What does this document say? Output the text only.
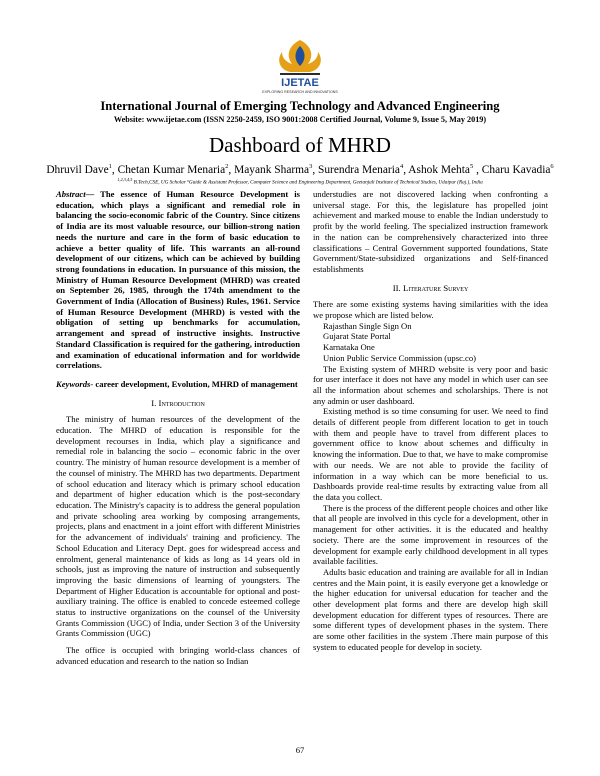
IJETAE
EXPLORING RESEARCH AND INNOVATIONS
International Journal of Emerging Technology and Advanced Engineering
Website: www.ijetae.com (ISSN 2250-2459, ISO 9001:2008 Certified Journal, Volume 9, Issue 5, May 2019)
Dashboard of MHRD
Dhruvil Dave$^1$, Chetan Kumar Menaria$^2$, Mayank Sharma$^3$, Surendra Menaria$^4$, Ashok Mehta$^5$ , Charu Kavadia$^6$
$^{1,2,3,4,5}$ B.Tech,CSE, UG Scholar ⁶Guide & Assistant Professor, Computer Science and Engineering Department, Geetanjali Institute of Technical Studies, Udaipur (Raj.), India

Abstract— The essence of Human Resource Development is education, which plays a significant and remedial role in balancing the socio-economic fabric of the Country. Since citizens of India are its most valuable resource, our billion-strong nation needs the nurture and care in the form of basic education to achieve a better quality of life. This warrants an all-round development of our citizens, which can be achieved by building strong foundations in education. In pursuance of this mission, the Ministry of Human Resource Development (MHRD) was created on September 26, 1985, through the 174th amendment to the Government of India (Allocation of Business) Rules, 1961. Service of Human Resource Development (MHRD) is vested with the obligation of setting up benchmarks for accumulation, arrangement and spread of instructive insights. Instructive Standard Classification is required for the gathering, introduction and examination of educational information and for worldwide correlations.

Keywords- career development, Evolution, MHRD of management

I. Introduction

The ministry of human resources of the development of the education. The MHRD of education is responsible for the development recourses in India, which play a significance and remedial role in balancing the socio – economic fabric in the over country. The ministry of human resource development is a member of the counsel of ministry. The MHRD has two departments. Department of school education and literacy which is primary school education and department of higher education which is the post-secondary education. The Ministry's capacity is to address the general population and private schooling area working by composing arrangements, projects, plans and enactment in a joint effort with different Ministries for the advancement of individuals' training and proficiency. The School Education and Literacy Dept. goes for widespread access and enrolment, general maintenance of kids as long as 14 years old in schools, just as improving the nature of instruction and subsequently improving the basic dimensions of learning of youngsters. The Department of Higher Education is accountable for optional and post-auxiliary training. The office is enabled to concede esteemed college status to instructive organizations on the counsel of the University Grants Commission (UGC) of India, under Section 3 of the University Grants Commission (UGC)

The office is occupied with bringing world-class chances of advanced education and research to the nation so Indian

understudies are not discovered lacking when confronting a universal stage. For this, the legislature has propelled joint achievement and marked mouse to enable the Indian understudy to profit by the world feeling. The specialized instruction framework in the nation can be comprehensively characterized into three classifications – Central Government supported foundations, State Government/State-subsidized organizations and Self-financed establishments

II. Literature Survey

There are some existing systems having similarities with the idea we propose which are listed below.

Rajasthan Single Sign On
Gujarat State Portal
Karnataka One
Union Public Service Commission (upsc.co)

The Existing system of MHRD website is very poor and basic for user interface it does not have any model in which user can see all the information about schemes and scholarships. There is not any admin or user dashboard.

Existing method is so time consuming for user. We need to find details of different people from different location to get in touch with them and people have to travel from different places to government office to know about schemes and difficulty in knowing the information. Due to that, we have to make compromise with our needs. We are not able to provide the facility of information in a way which can be more beneficial to us. Dashboards provide real-time results by extracting value from all the data you collect.

There is the process of the different people choices and other like that all people are involved in this cycle for a development, other in management for other activities. it is the educated and healthy society. There are the some improvement in resources of the development for example early childhood development in all types available facilities.

Adults basic education and training are available for all in Indian centres and the Main point, it is easily everyone get a knowledge or the higher education for universal education for teacher and the other development plat forms and there are develop high skill development education for different types of resources. There are some different types of development phases in the system. There are some other facilities in the system .There main purpose of this system to educated people for develop in society.

67
